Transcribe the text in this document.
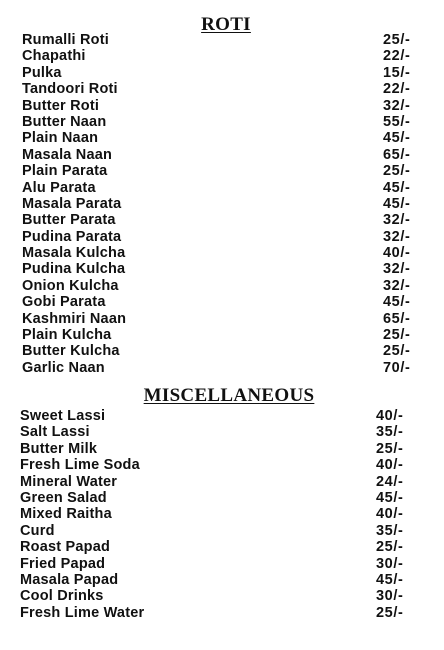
ROTI
Rumalli Roti	25/-
Chapathi	22/-
Pulka	15/-
Tandoori Roti	22/-
Butter Roti	32/-
Butter Naan	55/-
Plain Naan	45/-
Masala Naan	65/-
Plain Parata	25/-
Alu Parata	45/-
Masala Parata	45/-
Butter Parata	32/-
Pudina Parata	32/-
Masala Kulcha	40/-
Pudina Kulcha	32/-
Onion Kulcha	32/-
Gobi Parata	45/-
Kashmiri Naan	65/-
Plain Kulcha	25/-
Butter Kulcha	25/-
Garlic Naan	70/-
MISCELLANEOUS
Sweet Lassi	40/-
Salt Lassi	35/-
Butter Milk	25/-
Fresh Lime Soda	40/-
Mineral Water	24/-
Green Salad	45/-
Mixed Raitha	40/-
Curd	35/-
Roast Papad	25/-
Fried Papad	30/-
Masala Papad	45/-
Cool Drinks	30/-
Fresh Lime Water	25/-
